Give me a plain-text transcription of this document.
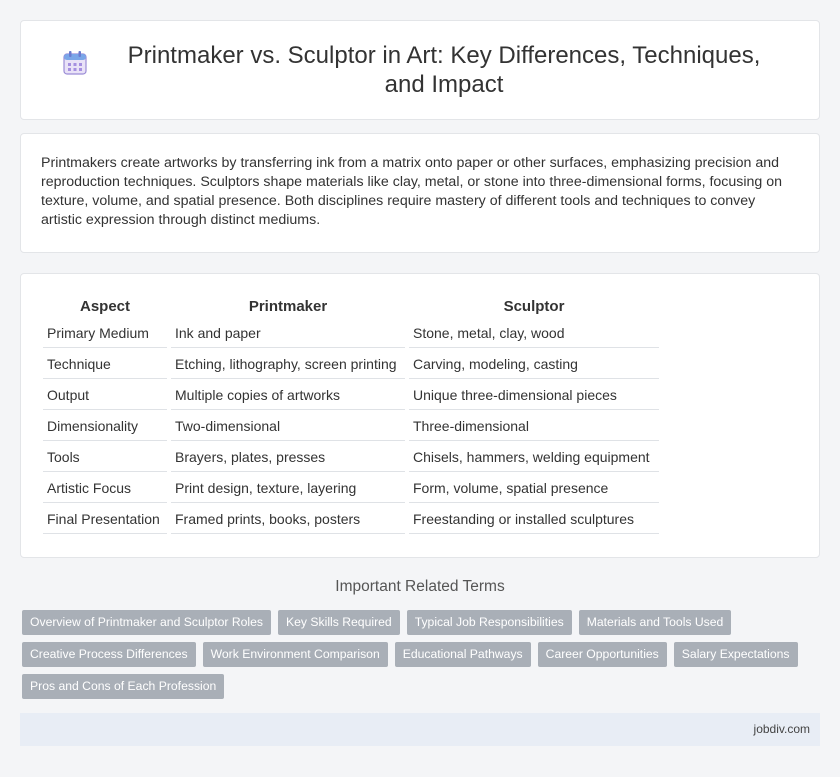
Printmaker vs. Sculptor in Art: Key Differences, Techniques, and Impact

Printmakers create artworks by transferring ink from a matrix onto paper or other surfaces, emphasizing precision and reproduction techniques. Sculptors shape materials like clay, metal, or stone into three-dimensional forms, focusing on texture, volume, and spatial presence. Both disciplines require mastery of different tools and techniques to convey artistic expression through distinct mediums.

Aspect	Printmaker	Sculptor
Primary Medium	Ink and paper	Stone, metal, clay, wood
Technique	Etching, lithography, screen printing	Carving, modeling, casting
Output	Multiple copies of artworks	Unique three-dimensional pieces
Dimensionality	Two-dimensional	Three-dimensional
Tools	Brayers, plates, presses	Chisels, hammers, welding equipment
Artistic Focus	Print design, texture, layering	Form, volume, spatial presence
Final Presentation	Framed prints, books, posters	Freestanding or installed sculptures
Important Related Terms
Overview of Printmaker and Sculptor Roles	Key Skills Required	Typical Job Responsibilities	Materials and Tools Used
Creative Process Differences	Work Environment Comparison	Educational Pathways	Career Opportunities	Salary Expectations
Pros and Cons of Each Profession
jobdiv.com
